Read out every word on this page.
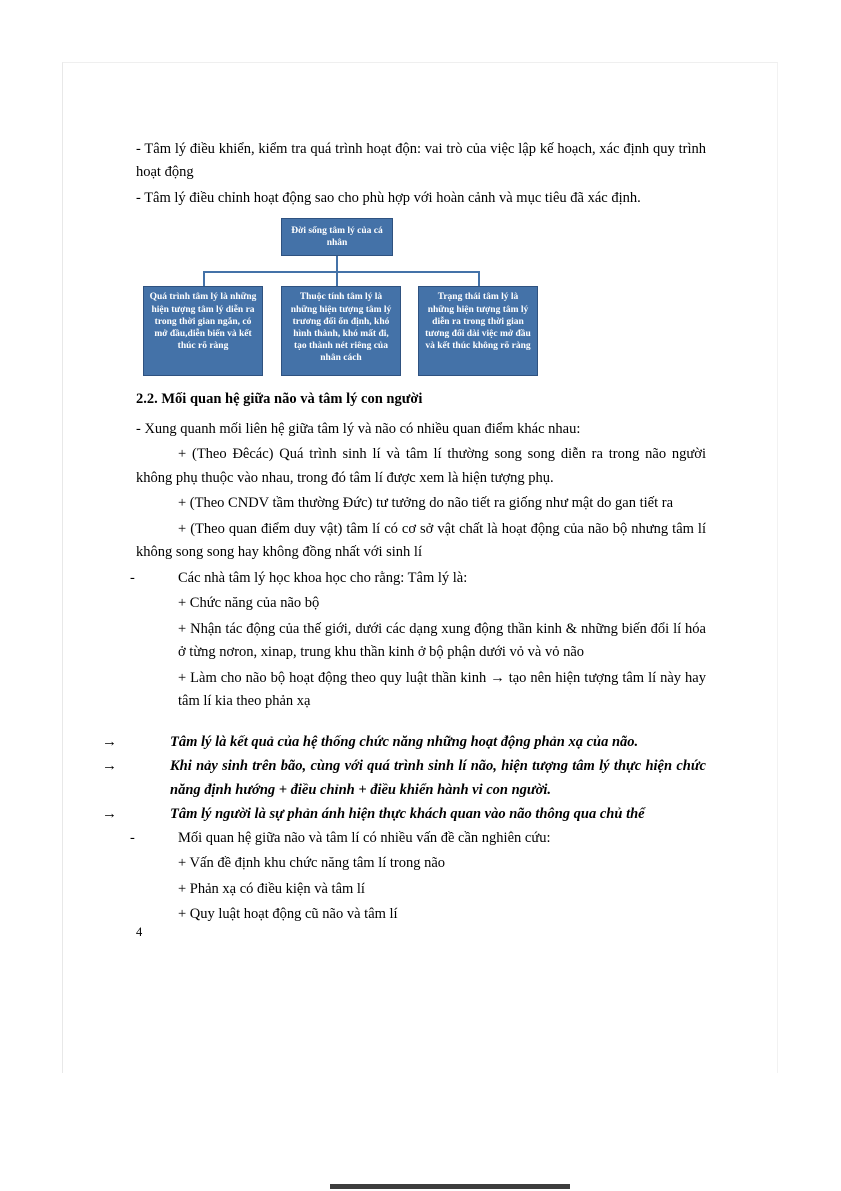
- Tâm lý điều khiển, kiểm tra quá trình hoạt độn: vai trò của việc lập kế hoạch, xác định quy trình hoạt động

- Tâm lý điều chỉnh hoạt động sao cho phù hợp với hoàn cảnh và mục tiêu đã xác định.

Đời sống tâm lý của cá nhân
Quá trình tâm lý là những hiện tượng tâm lý diễn ra trong thời gian ngắn, có mở đầu,diễn biến và kết thúc rõ ràng
Thuộc tính tâm lý là những hiện tượng tâm lý trương đối ổn định, khó hình thành, khó mất đi, tạo thành nét riêng của nhân cách
Trạng thái tâm lý là những hiện tượng tâm lý diễn ra trong thời gian tương đối dài việc mở đầu và kết thúc không rõ ràng

2.2. Mối quan hệ giữa não và tâm lý con người

- Xung quanh mối liên hệ giữa tâm lý và não có nhiều quan điểm khác nhau:

+ (Theo Đêcác) Quá trình sinh lí và tâm lí thường song song diễn ra trong não người không phụ thuộc vào nhau, trong đó tâm lí được xem là hiện tượng phụ.

+ (Theo CNDV tầm thường Đức) tư tưởng do não tiết ra giống như mật do gan tiết ra

+ (Theo quan điểm duy vật) tâm lí có cơ sở vật chất là hoạt động của não bộ nhưng tâm lí không song song hay không đồng nhất với sinh lí

-	Các nhà tâm lý học khoa học cho rằng: Tâm lý là:

+ Chức năng của não bộ

+ Nhận tác động của thế giới, dưới các dạng xung động thần kinh & những biến đổi lí hóa ở từng nơron, xinap, trung khu thần kinh ở bộ phận dưới vỏ và vỏ não

+ Làm cho não bộ hoạt động theo quy luật thần kinh → tạo nên hiện tượng tâm lí này hay tâm lí kia theo phản xạ

→	Tâm lý là kết quả của hệ thống chức năng những hoạt động phản xạ của não.

→	Khi nảy sinh trên bão, cùng với quá trình sinh lí não, hiện tượng tâm lý thực hiện chức năng định hướng + điều chỉnh + điều khiển hành vi con người.

→	Tâm lý người là sự phản ánh hiện thực khách quan vào não thông qua chủ thể

-	Mối quan hệ giữa não và tâm lí có nhiều vấn đề cần nghiên cứu:

+ Vấn đề định khu chức năng tâm lí trong não

+ Phản xạ có điều kiện và tâm lí

+ Quy luật hoạt động cũ não và tâm lí

4
